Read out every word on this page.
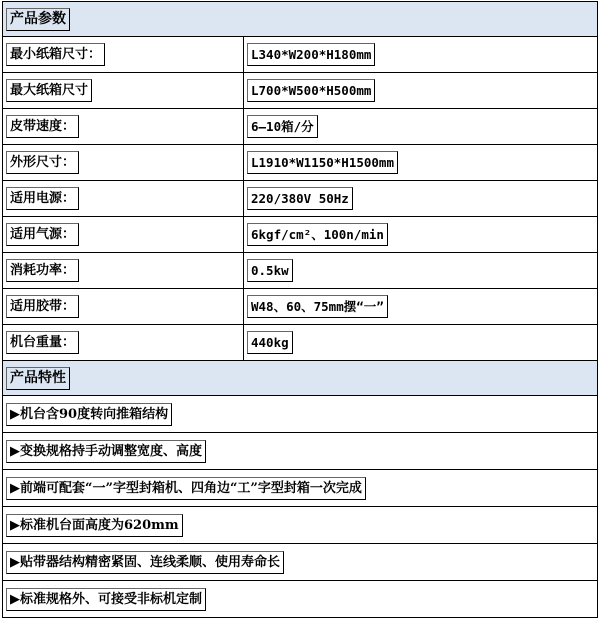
产品参数	
最小纸箱尺寸：	L340*W200*H180mm
最大纸箱尺寸	L700*W500*H500mm
皮带速度：	6—10箱/分
外形尺寸：	L1910*W1150*H1500mm
适用电源：	220/380V 50Hz
适用气源：	6kgf/cm²、100n/min
消耗功率：	0.5kw
适用胶带：	W48、60、75mm摆“一”
机台重量：	440kg
产品特性	
▶机台含90度转向推箱结构	
▶变换规格持手动调整宽度、高度	
▶前端可配套“一”字型封箱机、四角边“工”字型封箱一次完成	
▶标准机台面高度为620mm	
▶贴带器结构精密紧固、连线柔顺、使用寿命长	
▶标准规格外、可接受非标机定制	
